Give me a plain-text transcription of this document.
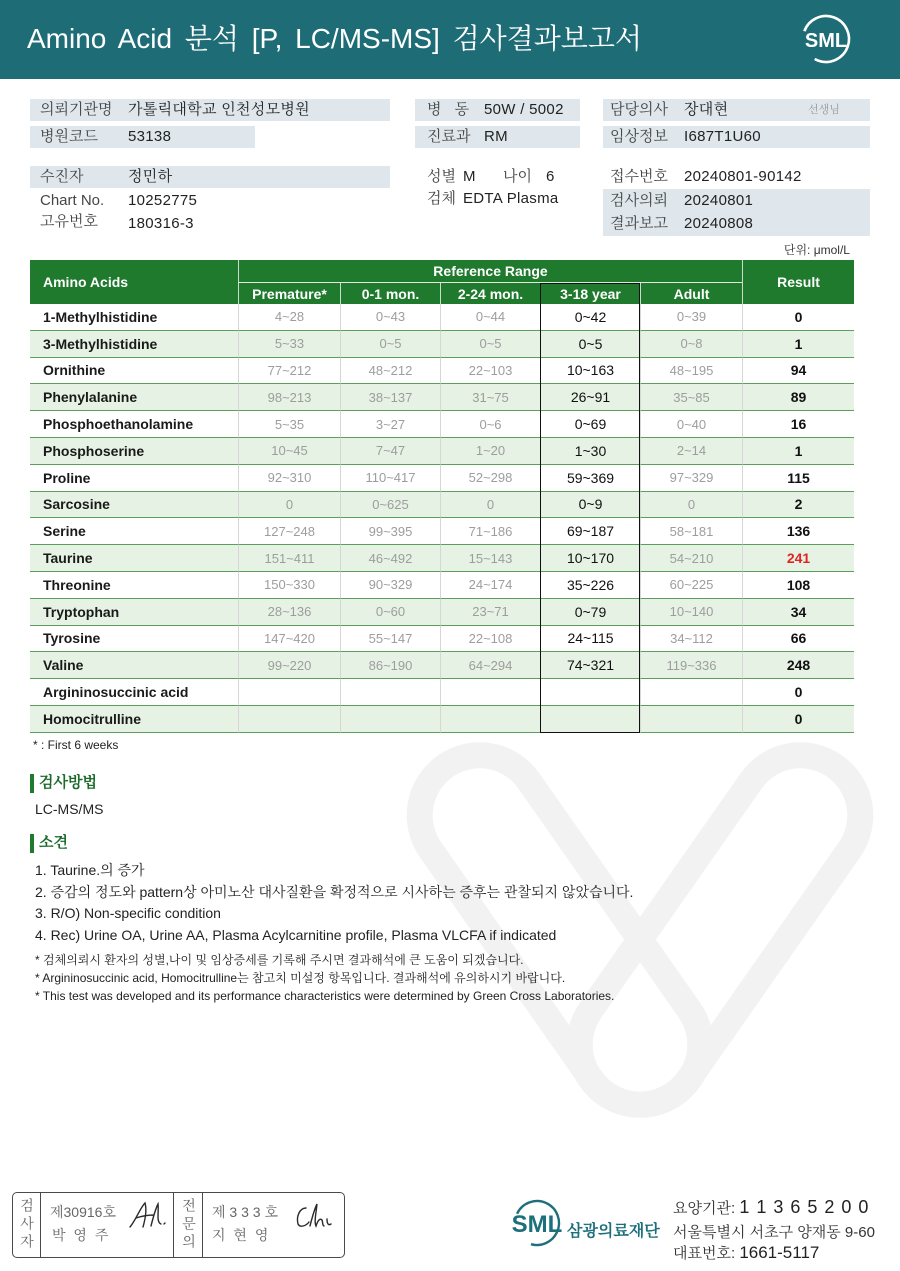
Amino Acid 분석 [P, LC/MS-MS] 검사결과보고서	SML
의뢰기관명 가톨릭대학교 인천성모병원	병 동 50W / 5002	담당의사 장대현	선생님
병원코드 53138	진료과 RM	임상정보 I687T1U60
수진자	정민하	성별 M 나이 6	접수번호 20240801-90142
Chart No. 10252775	검체 EDTA Plasma	검사의뢰 20240801
고유번호 180316-3	결과보고 20240808
단위: μmol/L
Amino Acids	Reference Range					Result
	Premature*	0-1 mon.	2-24 mon.	3-18 year	Adult	
1-Methylhistidine	4~28	0~43	0~44	0~42	0~39	0
3-Methylhistidine	5~33	0~5	0~5	0~5	0~8	1
Ornithine	77~212	48~212	22~103	10~163	48~195	94
Phenylalanine	98~213	38~137	31~75	26~91	35~85	89
Phosphoethanolamine	5~35	3~27	0~6	0~69	0~40	16
Phosphoserine	10~45	7~47	1~20	1~30	2~14	1
Proline	92~310	110~417	52~298	59~369	97~329	115
Sarcosine	0	0~625	0	0~9	0	2
Serine	127~248	99~395	71~186	69~187	58~181	136
Taurine	151~411	46~492	15~143	10~170	54~210	241
Threonine	150~330	90~329	24~174	35~226	60~225	108
Tryptophan	28~136	0~60	23~71	0~79	10~140	34
Tyrosine	147~420	55~147	22~108	24~115	34~112	66
Valine	99~220	86~190	64~294	74~321	119~336	248
Argininosuccinic acid						0
Homocitrulline						0
* : First 6 weeks
검사방법
LC-MS/MS
소견
1. Taurine.의 증가
2. 증감의 정도와 pattern상 아미노산 대사질환을 확정적으로 시사하는 증후는 관찰되지 않았습니다.
3. R/O) Non-specific condition
4. Rec) Urine OA, Urine AA, Plasma Acylcarnitine profile, Plasma VLCFA if indicated
* 검체의뢰시 환자의 성별,나이 및 임상증세를 기록해 주시면 결과해석에 큰 도움이 되겠습니다.
* Argininosuccinic acid, Homocitrulline는 참고치 미설정 항목입니다. 결과해석에 유의하시기 바랍니다.
* This test was developed and its performance characteristics were determined by Green Cross Laboratories.
검사자 제30916호
박 영 주	전문의 제 3 3 3 호
지 현 영	SML 삼광의료재단
요양기관: 1 1 3 6 5 2 0 0
서울특별시 서초구 양재동 9-60
대표번호: 1661-5117
